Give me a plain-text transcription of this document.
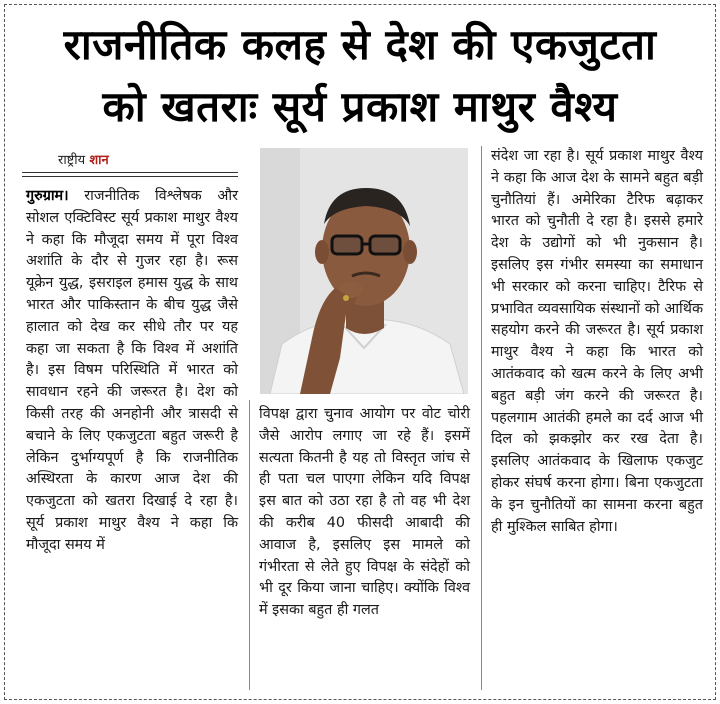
राजनीतिक कलह से देश की एकजुटता
को खतराः सूर्य प्रकाश माथुर वैश्य
राष्ट्रीय शान
गुरुग्राम। राजनीतिक विश्लेषक और सोशल एक्टिविस्ट सूर्य प्रकाश माथुर वैश्य ने कहा कि मौजूदा समय में पूरा विश्व अशांति के दौर से गुजर रहा है। रूस यूक्रेन युद्ध, इसराइल हमास युद्ध के साथ भारत और पाकिस्तान के बीच युद्ध जैसे हालात को देख कर सीधे तौर पर यह कहा जा सकता है कि विश्व में अशांति है। इस विषम परिस्थिति में भारत को सावधान रहने की जरूरत है। देश को किसी तरह की अनहोनी और त्रासदी से बचाने के लिए एकजुटता बहुत जरूरी है लेकिन दुर्भाग्यपूर्ण है कि राजनीतिक अस्थिरता के कारण आज देश की एकजुटता को खतरा दिखाई दे रहा है। सूर्य प्रकाश माथुर वैश्य ने कहा कि मौजूदा समय में
विपक्ष द्वारा चुनाव आयोग पर वोट चोरी जैसे आरोप लगाए जा रहे हैं। इसमें सत्यता कितनी है यह तो विस्तृत जांच से ही पता चल पाएगा लेकिन यदि विपक्ष इस बात को उठा रहा है तो वह भी देश की करीब 40 फीसदी आबादी की आवाज है, इसलिए इस मामले को गंभीरता से लेते हुए विपक्ष के संदेहों को भी दूर किया जाना चाहिए। क्योंकि विश्व में इसका बहुत ही गलत
संदेश जा रहा है। सूर्य प्रकाश माथुर वैश्य ने कहा कि आज देश के सामने बहुत बड़ी चुनौतियां हैं। अमेरिका टैरिफ बढ़ाकर भारत को चुनौती दे रहा है। इससे हमारे देश के उद्योगों को भी नुकसान है। इसलिए इस गंभीर समस्या का समाधान भी सरकार को करना चाहिए। टैरिफ से प्रभावित व्यवसायिक संस्थानों को आर्थिक सहयोग करने की जरूरत है। सूर्य प्रकाश माथुर वैश्य ने कहा कि भारत को आतंकवाद को खत्म करने के लिए अभी बहुत बड़ी जंग करने की जरूरत है। पहलगाम आतंकी हमले का दर्द आज भी दिल को झकझोर कर रख देता है। इसलिए आतंकवाद के खिलाफ एकजुट होकर संघर्ष करना होगा। बिना एकजुटता के इन चुनौतियों का सामना करना बहुत ही मुश्किल साबित होगा।
